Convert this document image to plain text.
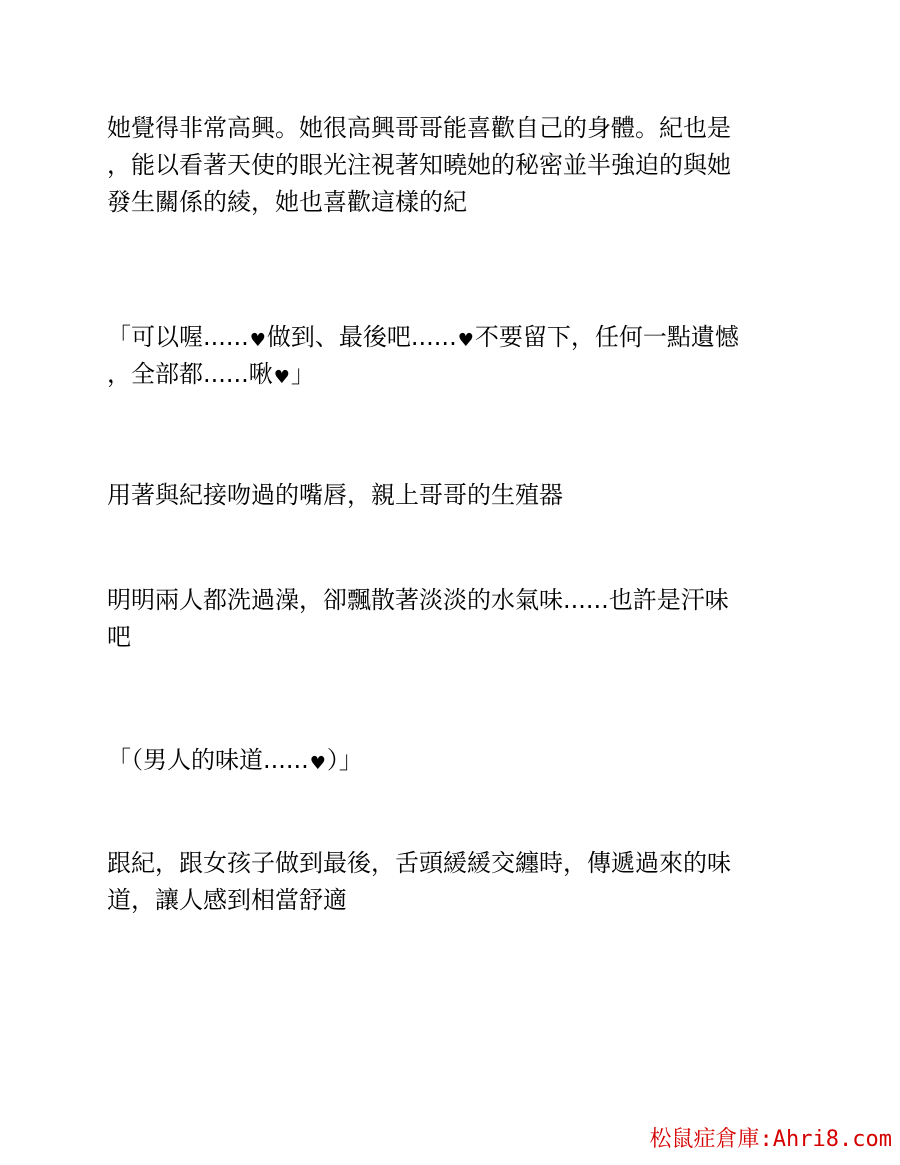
她覺得非常高興。她很高興哥哥能喜歡自己的身體。紀也是
，能以看著天使的眼光注視著知曉她的秘密並半強迫的與她
發生關係的綾，她也喜歡這樣的紀

「可以喔......♥做到、最後吧......♥不要留下，任何一點遺憾
，全部都......啾♥」

用著與紀接吻過的嘴唇，親上哥哥的生殖器

明明兩人都洗過澡，卻飄散著淡淡的水氣味......也許是汗味
吧

「（男人的味道......♥）」

跟紀，跟女孩子做到最後，舌頭緩緩交纏時，傳遞過來的味
道，讓人感到相當舒適

松鼠症倉庫:Ahri8.com
